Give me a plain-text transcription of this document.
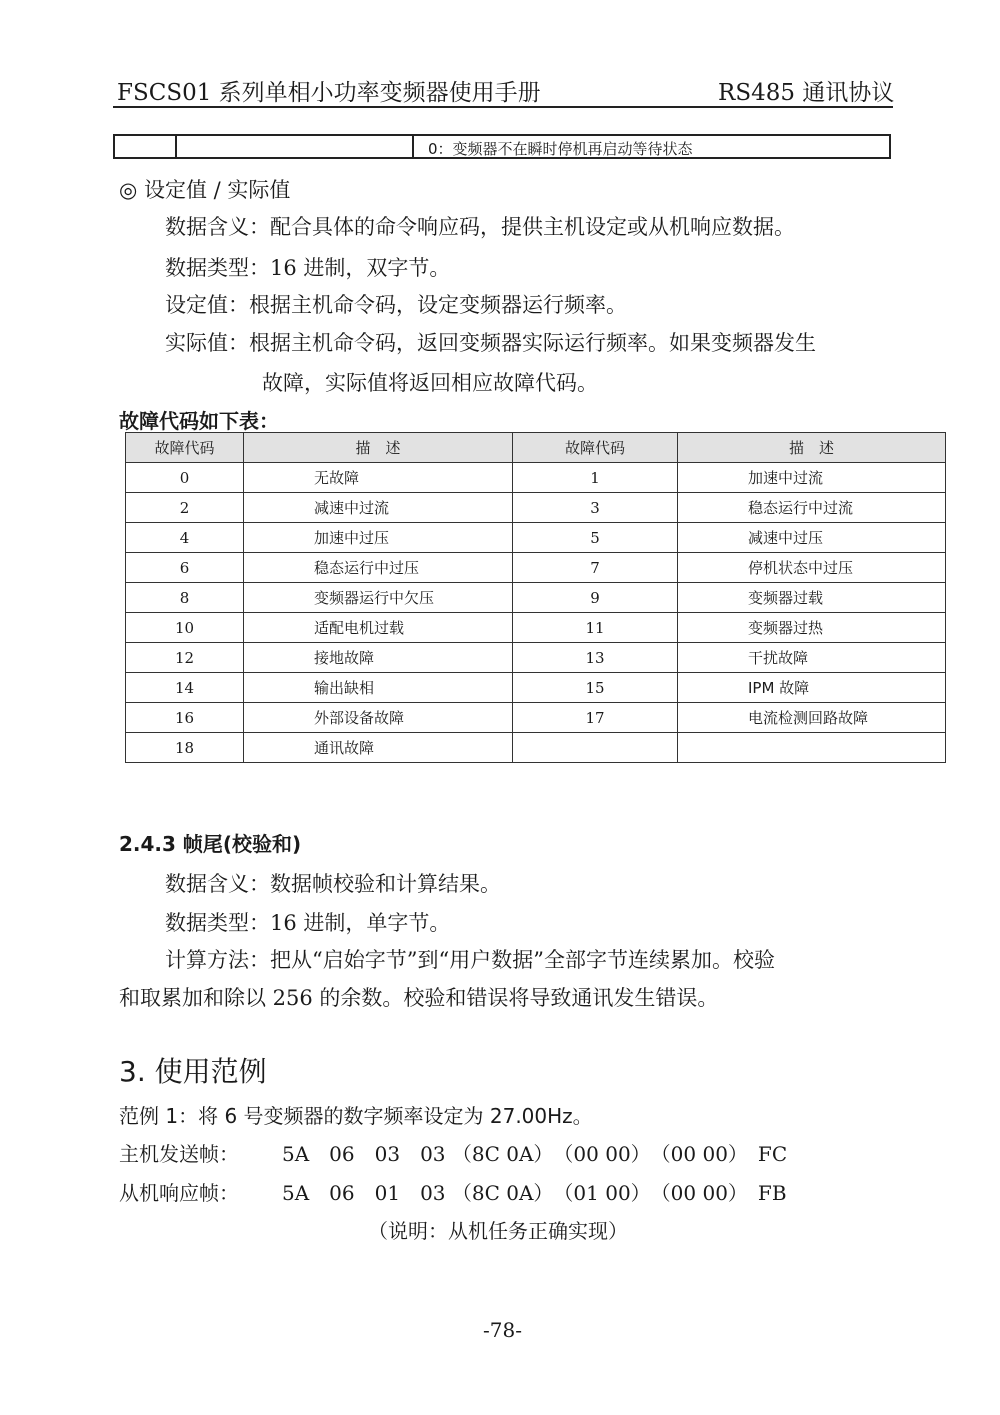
FSCS01 系列单相小功率变频器使用手册	RS485 通讯协议
0：变频器不在瞬时停机再启动等待状态
◎ 设定值 / 实际值
数据含义：配合具体的命令响应码，提供主机设定或从机响应数据。
数据类型：16 进制，双字节。
设定值：根据主机命令码，设定变频器运行频率。
实际值：根据主机命令码，返回变频器实际运行频率。如果变频器发生
故障，实际值将返回相应故障代码。
故障代码如下表：
故障代码	描　述	故障代码	描　述
0	无故障	1	加速中过流
2	减速中过流	3	稳态运行中过流
4	加速中过压	5	减速中过压
6	稳态运行中过压	7	停机状态中过压
8	变频器运行中欠压	9	变频器过载
10	适配电机过载	11	变频器过热
12	接地故障	13	干扰故障
14	输出缺相	15	IPM 故障
16	外部设备故障	17	电流检测回路故障
18	通讯故障		
2.4.3 帧尾(校验和)
数据含义：数据帧校验和计算结果。
数据类型：16 进制，单字节。
计算方法：把从“启始字节”到“用户数据”全部字节连续累加。校验
和取累加和除以 256 的余数。校验和错误将导致通讯发生错误。
3. 使用范例
范例 1：将 6 号变频器的数字频率设定为 27.00Hz。
主机发送帧： 5A　06　03　03 （8C 0A）　（00 00）　（00 00）　FC
从机响应帧： 5A　06　01　03 （8C 0A）　（01 00）　（00 00）　FB
（说明：从机任务正确实现）
-78-
